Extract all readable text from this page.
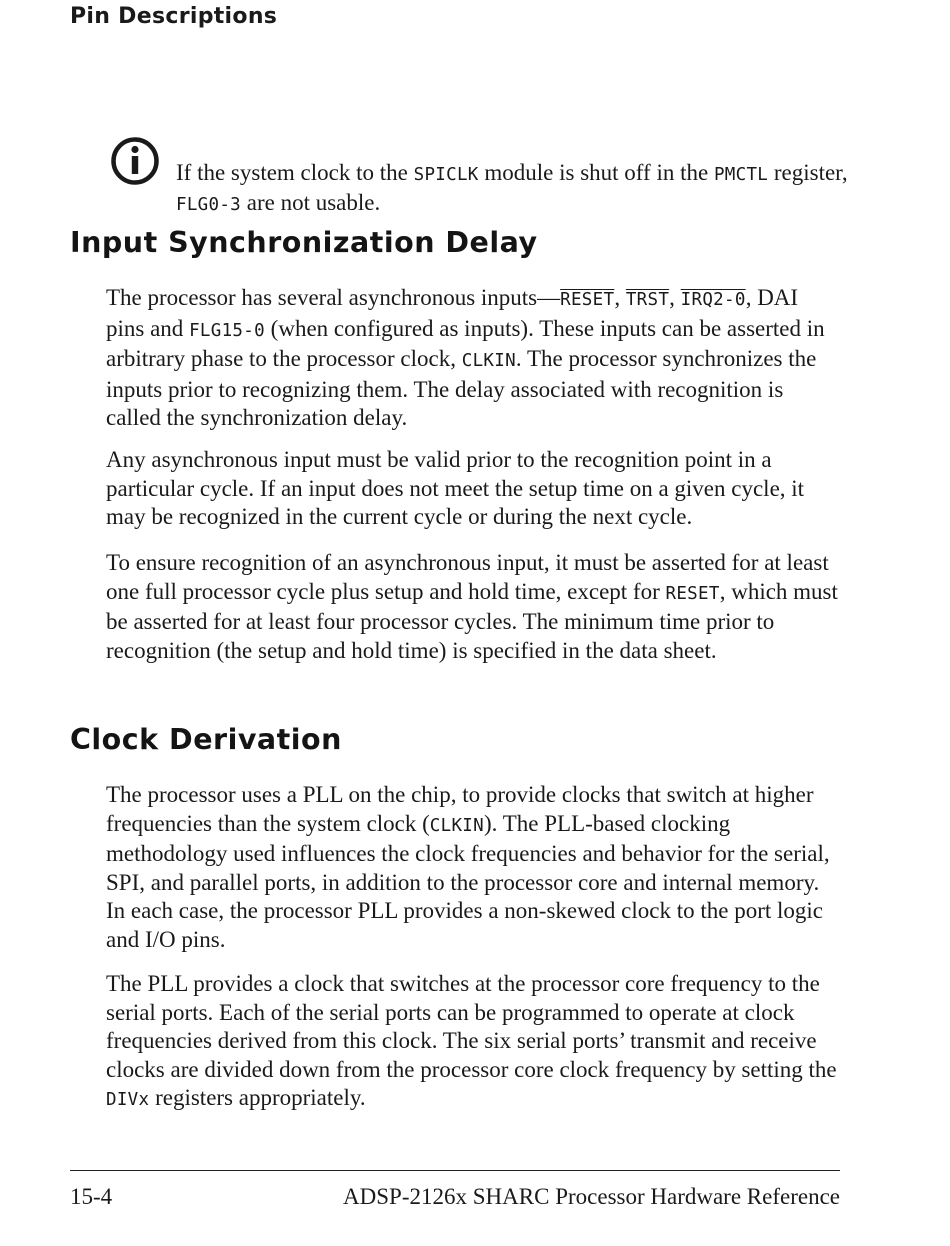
Pin Descriptions

If the system clock to the SPICLK module is shut off in the PMCTL register, FLG0-3 are not usable.

Input Synchronization Delay

The processor has several asynchronous inputs—RESET, TRST, IRQ2-0, DAI pins and FLG15-0 (when configured as inputs). These inputs can be asserted in arbitrary phase to the processor clock, CLKIN. The processor synchronizes the inputs prior to recognizing them. The delay associated with recognition is called the synchronization delay.

Any asynchronous input must be valid prior to the recognition point in a particular cycle. If an input does not meet the setup time on a given cycle, it may be recognized in the current cycle or during the next cycle.

To ensure recognition of an asynchronous input, it must be asserted for at least one full processor cycle plus setup and hold time, except for RESET, which must be asserted for at least four processor cycles. The minimum time prior to recognition (the setup and hold time) is specified in the data sheet.

Clock Derivation

The processor uses a PLL on the chip, to provide clocks that switch at higher frequencies than the system clock (CLKIN). The PLL-based clocking methodology used influences the clock frequencies and behavior for the serial, SPI, and parallel ports, in addition to the processor core and internal memory. In each case, the processor PLL provides a non-skewed clock to the port logic and I/O pins.

The PLL provides a clock that switches at the processor core frequency to the serial ports. Each of the serial ports can be programmed to operate at clock frequencies derived from this clock. The six serial ports’ transmit and receive clocks are divided down from the processor core clock frequency by setting the DIVx registers appropriately.

15-4	ADSP-2126x SHARC Processor Hardware Reference
